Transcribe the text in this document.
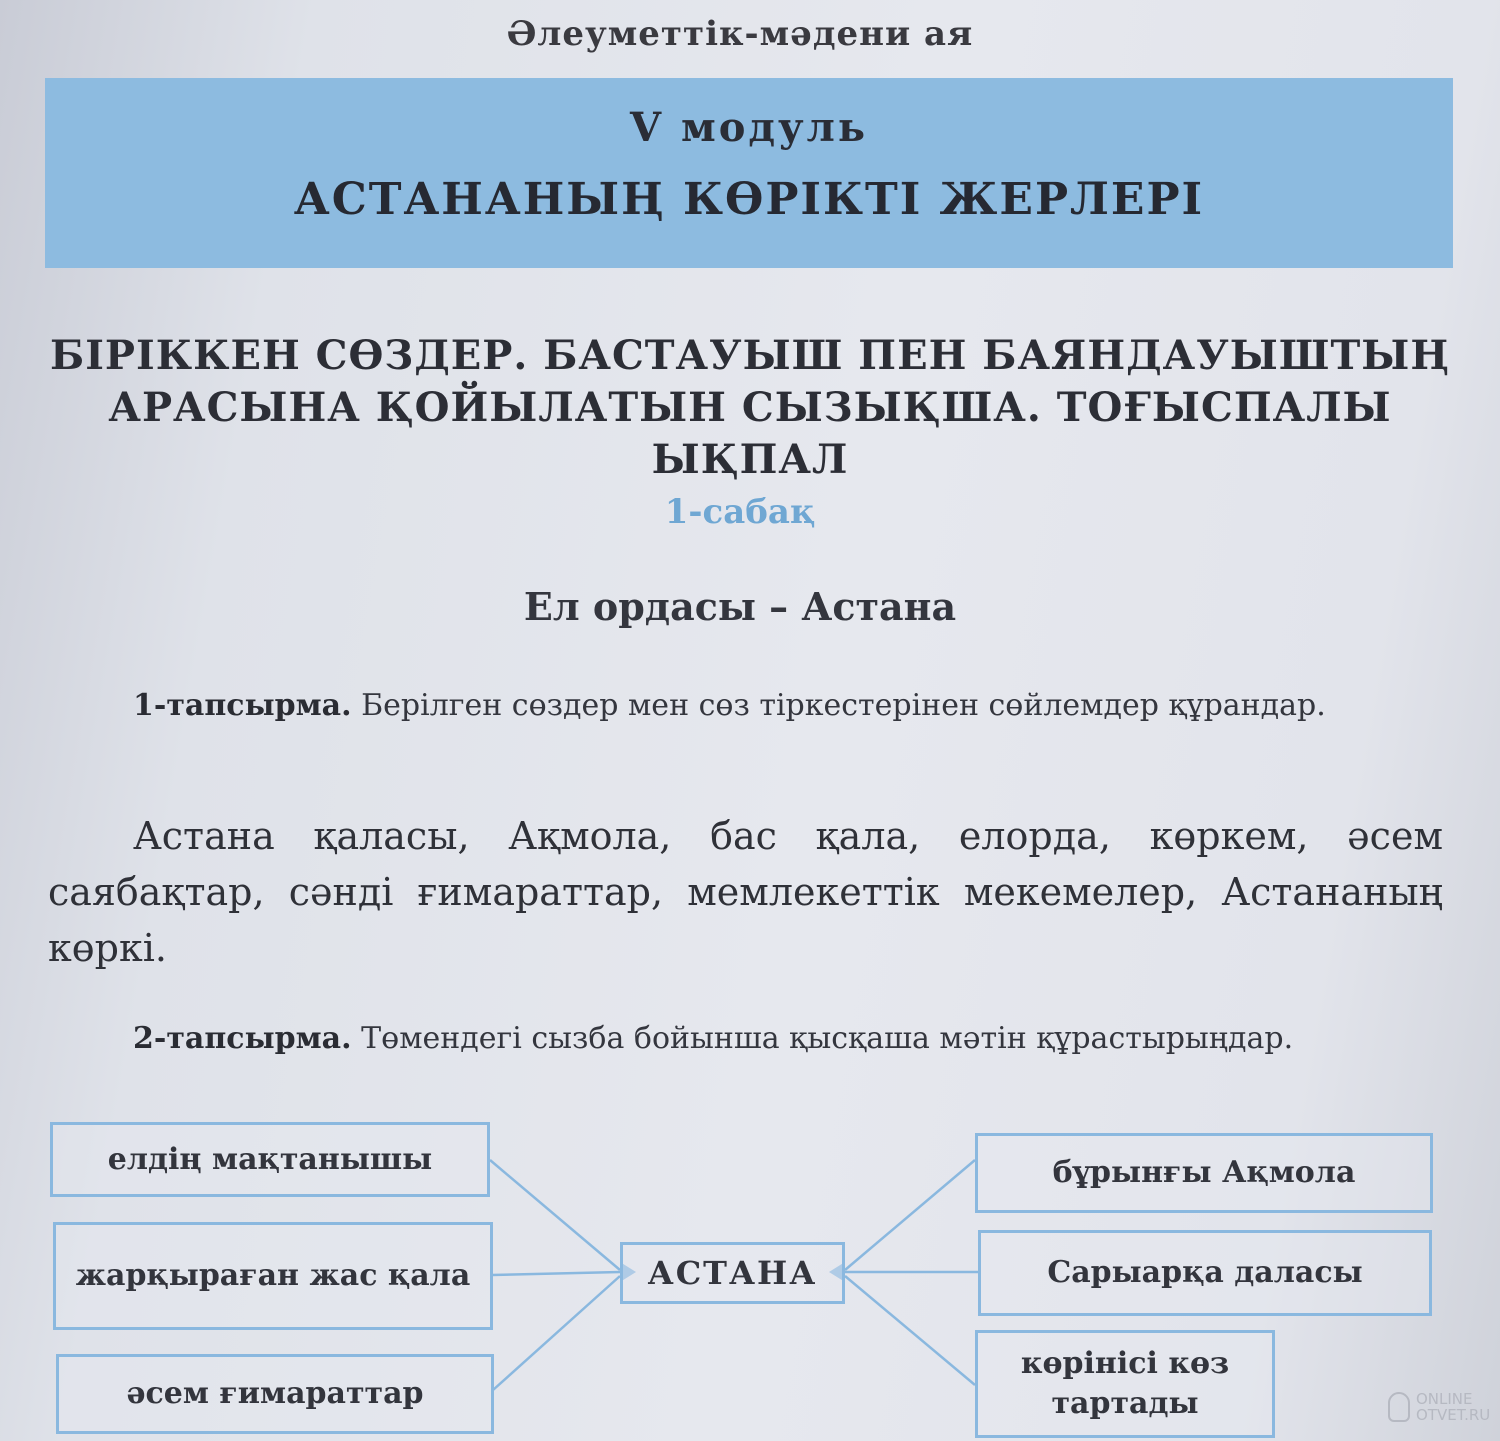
Әлеуметтік-мәдени ая
V модуль
АСТАНАНЫҢ КӨРІКТІ ЖЕРЛЕРІ
БІРІККЕН СӨЗДЕР. БАСТАУЫШ ПЕН БАЯНДАУЫШТЫҢ
АРАСЫНА ҚОЙЫЛАТЫН СЫЗЫҚША. ТОҒЫСПАЛЫ ЫҚПАЛ
1-сабақ
Ел ордасы – Астана
1-тапсырма. Берілген сөздер мен сөз тіркестерінен сөйлемдер құрандар.
Астана қаласы, Ақмола, бас қала, елорда, көркем, әсем саябақтар, сәнді ғимараттар, мемлекеттік мекемелер, Астананың көркі.
2-тапсырма. Төмендегі сызба бойынша қысқаша мәтін құрастырыңдар.
елдің мақтанышы
жарқыраған жас қала
әсем ғимараттар
АСТАНА
бұрынғы Ақмола
Сарыарқа даласы
көрінісі көз тартады	ONLINE
OTVET.RU
